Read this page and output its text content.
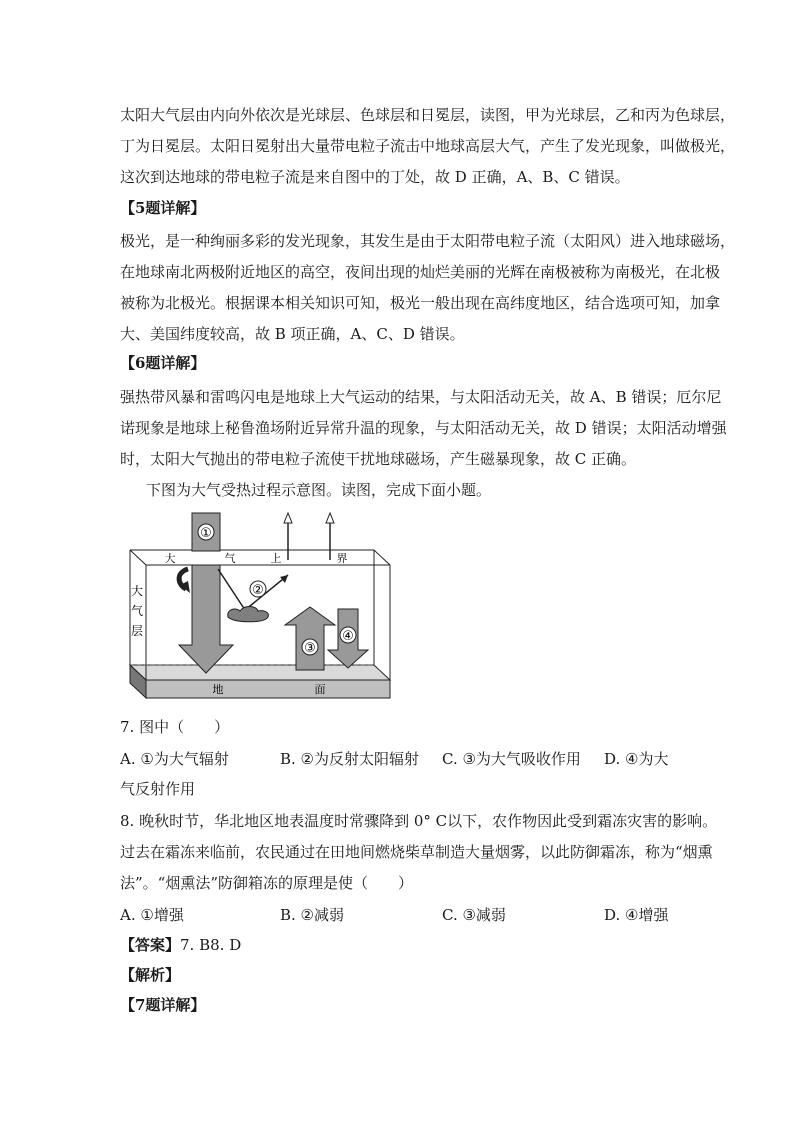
太阳大气层由内向外依次是光球层、色球层和日冕层，读图，甲为光球层，乙和丙为色球层，
丁为日冕层。太阳日冕射出大量带电粒子流击中地球高层大气，产生了发光现象，叫做极光，
这次到达地球的带电粒子流是来自图中的丁处，故 D 正确，A、B、C 错误。

【5题详解】

极光，是一种绚丽多彩的发光现象，其发生是由于太阳带电粒子流（太阳风）进入地球磁场，
在地球南北两极附近地区的高空，夜间出现的灿烂美丽的光辉在南极被称为南极光，在北极
被称为北极光。根据课本相关知识可知，极光一般出现在高纬度地区，结合选项可知，加拿
大、美国纬度较高，故 B 项正确，A、C、D 错误。

【6题详解】

强热带风暴和雷鸣闪电是地球上大气运动的结果，与太阳活动无关，故 A、B 错误；厄尔尼
诺现象是地球上秘鲁渔场附近异常升温的现象，与太阳活动无关，故 D 错误；太阳活动增强
时，太阳大气抛出的带电粒子流使干扰地球磁场，产生磁暴现象，故 C 正确。

下图为大气受热过程示意图。读图，完成下面小题。
①
②
大	气	上	界
大
气
层
③
④
地	面
7. 图中（　　）
A. ①为大气辐射	B. ②为反射太阳辐射 C. ③为大气吸收作用 D. ④为大
气反射作用

8. 晚秋时节，华北地区地表温度时常骤降到 0° C以下，农作物因此受到霜冻灾害的影响。
过去在霜冻来临前，农民通过在田地间燃烧柴草制造大量烟雾，以此防御霜冻，称为“烟熏
法”。“烟熏法”防御箱冻的原理是使（　　）

A. ①增强	B. ②减弱	C. ③减弱	D. ④增强
【答案】7. B8. D
【解析】
【7题详解】
